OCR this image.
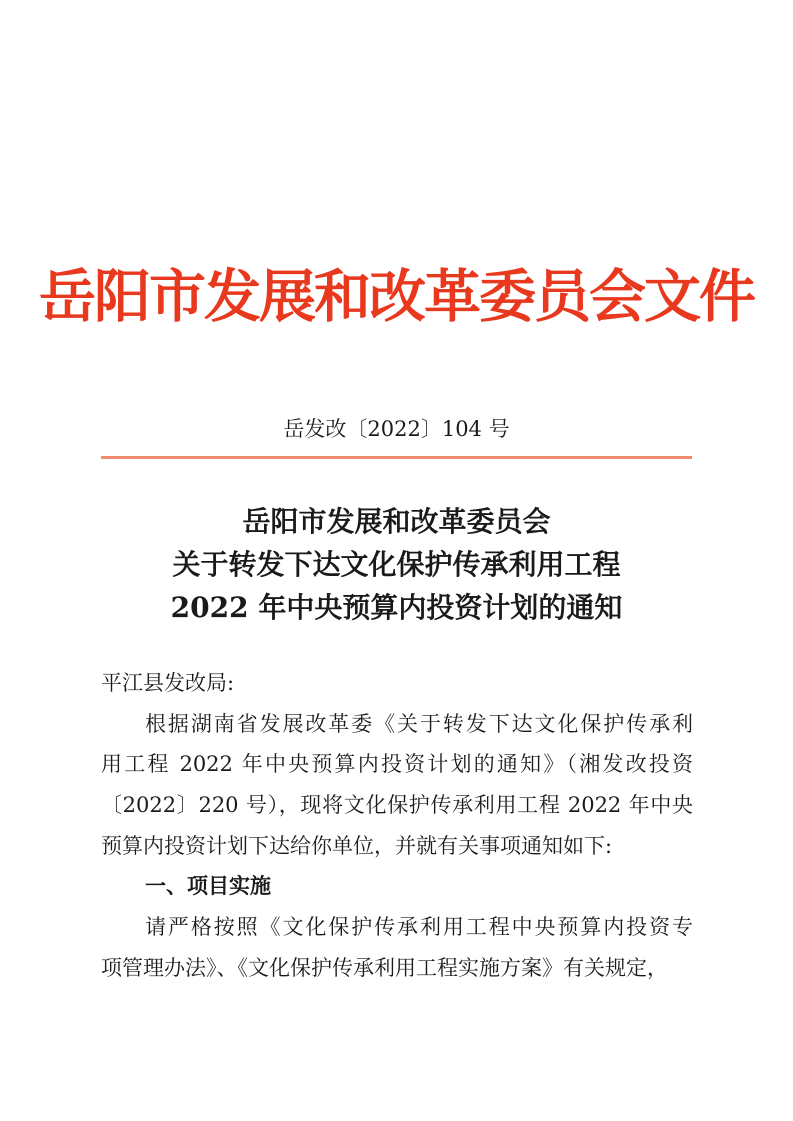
岳阳市发展和改革委员会文件
岳发改〔2022〕104 号
岳阳市发展和改革委员会
关于转发下达文化保护传承利用工程
2022 年中央预算内投资计划的通知
平江县发改局:
根据湖南省发展改革委《关于转发下达文化保护传承利
用工程 2022 年中央预算内投资计划的通知》（湘发改投资
〔2022〕220 号），现将文化保护传承利用工程 2022 年中央
预算内投资计划下达给你单位，并就有关事项通知如下:
一、项目实施
请严格按照《文化保护传承利用工程中央预算内投资专
项管理办法》、《文化保护传承利用工程实施方案》有关规定，
